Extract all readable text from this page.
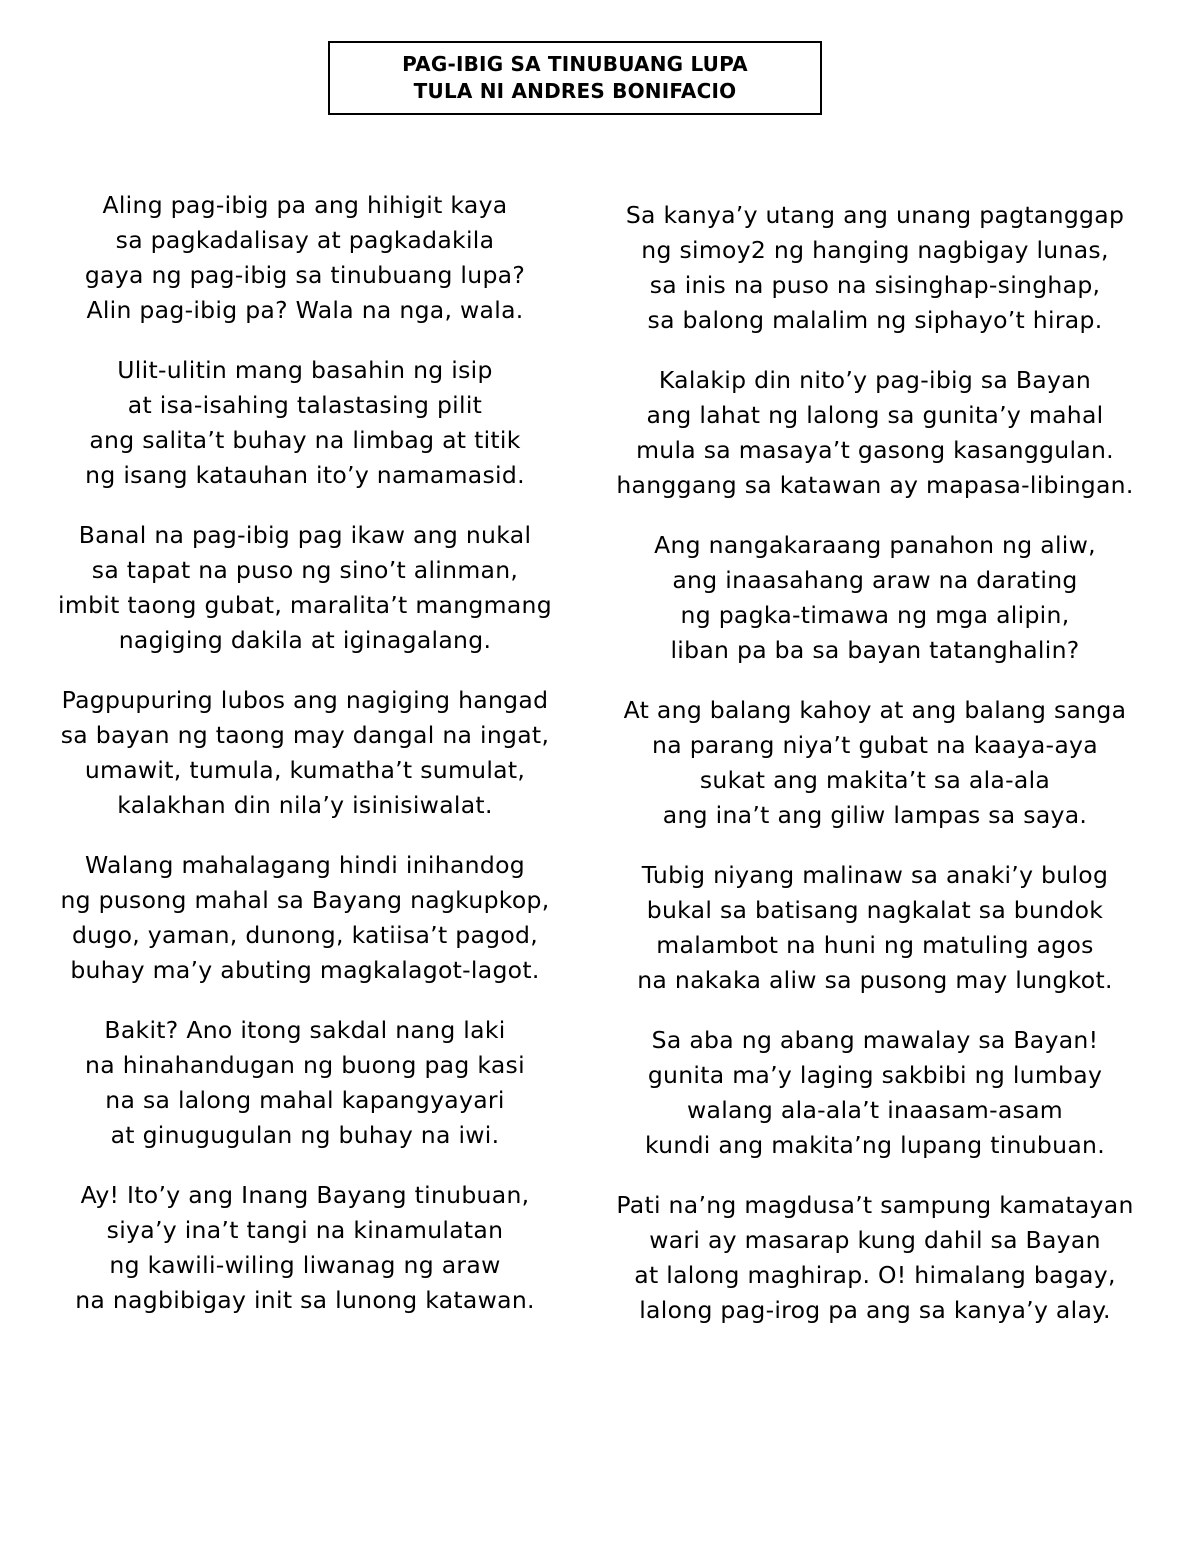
PAG-IBIG SA TINUBUANG LUPA
TULA NI ANDRES BONIFACIO
Aling pag-ibig pa ang hihigit kaya
sa pagkadalisay at pagkadakila
gaya ng pag-ibig sa tinubuang lupa?
Alin pag-ibig pa? Wala na nga, wala.
Ulit-ulitin mang basahin ng isip
at isa-isahing talastasing pilit
ang salita’t buhay na limbag at titik
ng isang katauhan ito’y namamasid.
Banal na pag-ibig pag ikaw ang nukal
sa tapat na puso ng sino’t alinman,
imbit taong gubat, maralita’t mangmang
nagiging dakila at iginagalang.
Pagpupuring lubos ang nagiging hangad
sa bayan ng taong may dangal na ingat,
umawit, tumula, kumatha’t sumulat,
kalakhan din nila’y isinisiwalat.
Walang mahalagang hindi inihandog
ng pusong mahal sa Bayang nagkupkop,
dugo, yaman, dunong, katiisa’t pagod,
buhay ma’y abuting magkalagot-lagot.
Bakit? Ano itong sakdal nang laki
na hinahandugan ng buong pag kasi
na sa lalong mahal kapangyayari
at ginugugulan ng buhay na iwi.
Ay! Ito’y ang Inang Bayang tinubuan,
siya’y ina’t tangi na kinamulatan
ng kawili-wiling liwanag ng araw
na nagbibigay init sa lunong katawan.
Sa kanya’y utang ang unang pagtanggap
ng simoy2 ng hanging nagbigay lunas,
sa inis na puso na sisinghap-singhap,
sa balong malalim ng siphayo’t hirap.
Kalakip din nito’y pag-ibig sa Bayan
ang lahat ng lalong sa gunita’y mahal
mula sa masaya’t gasong kasanggulan.
hanggang sa katawan ay mapasa-libingan.
Ang nangakaraang panahon ng aliw,
ang inaasahang araw na darating
ng pagka-timawa ng mga alipin,
liban pa ba sa bayan tatanghalin?
At ang balang kahoy at ang balang sanga
na parang niya’t gubat na kaaya-aya
sukat ang makita’t sa ala-ala
ang ina’t ang giliw lampas sa saya.
Tubig niyang malinaw sa anaki’y bulog
bukal sa batisang nagkalat sa bundok
malambot na huni ng matuling agos
na nakaka aliw sa pusong may lungkot.
Sa aba ng abang mawalay sa Bayan!
gunita ma’y laging sakbibi ng lumbay
walang ala-ala’t inaasam-asam
kundi ang makita’ng lupang tinubuan.
Pati na’ng magdusa’t sampung kamatayan
wari ay masarap kung dahil sa Bayan
at lalong maghirap. O! himalang bagay,
lalong pag-irog pa ang sa kanya’y alay.
